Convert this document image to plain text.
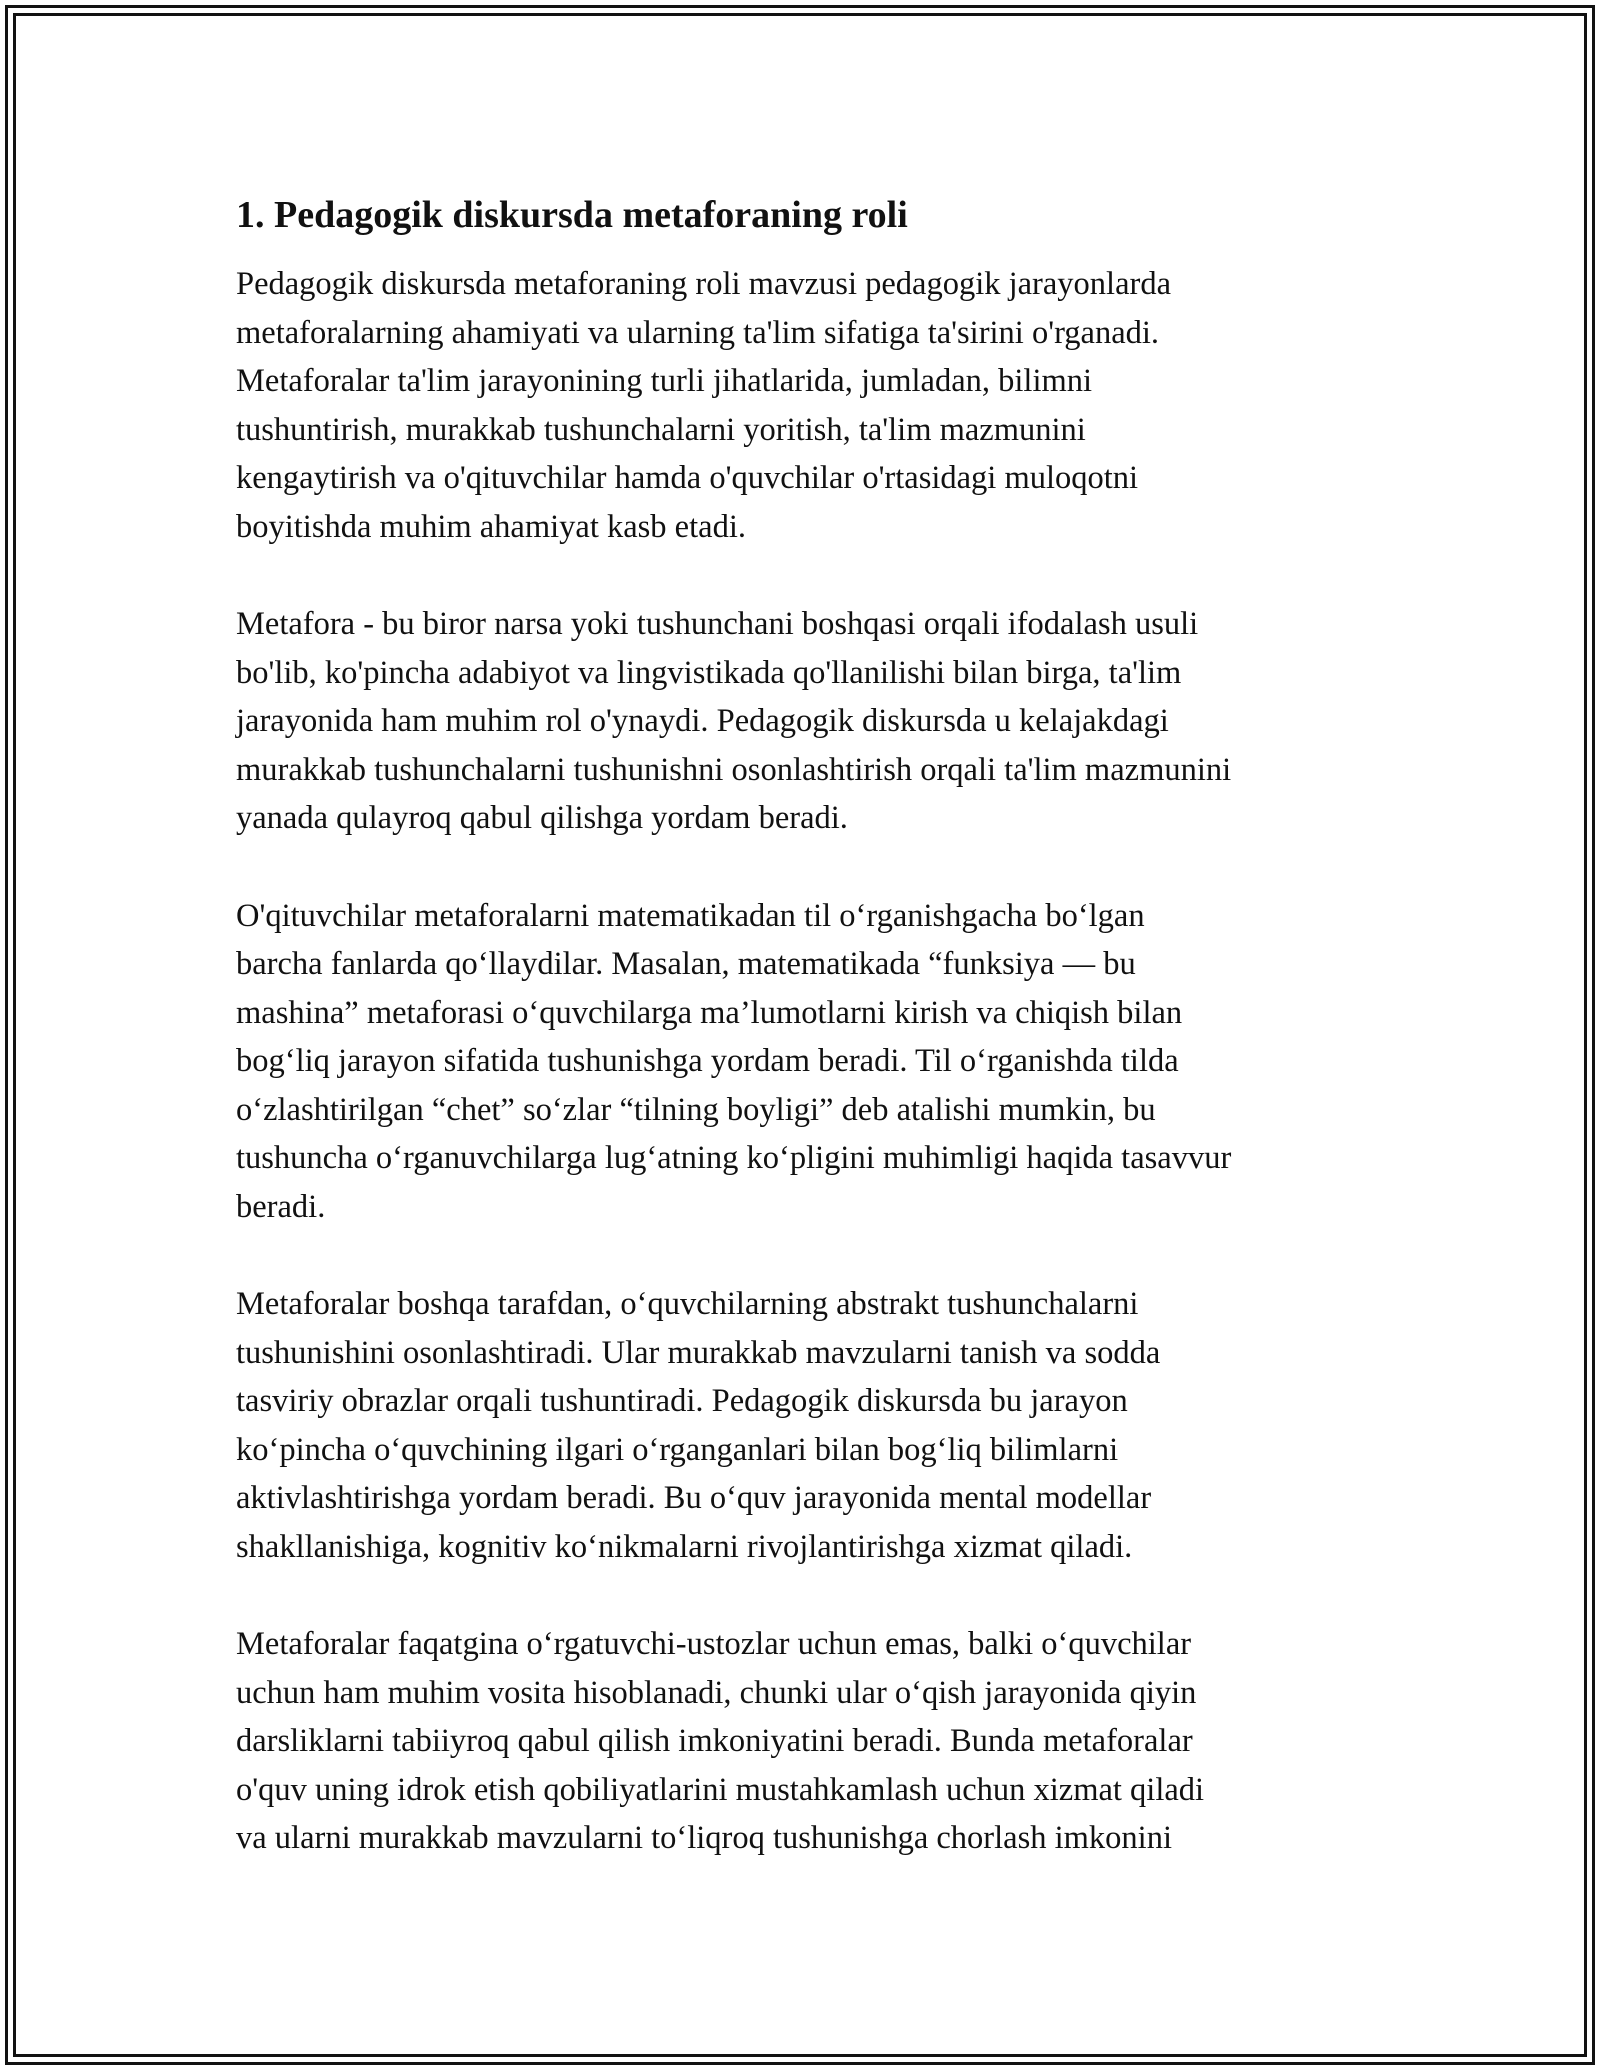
1. Pedagogik diskursda metaforaning roli

Pedagogik diskursda metaforaning roli mavzusi pedagogik jarayonlarda
metaforalarning ahamiyati va ularning ta'lim sifatiga ta'sirini o'rganadi.
Metaforalar ta'lim jarayonining turli jihatlarida, jumladan, bilimni
tushuntirish, murakkab tushunchalarni yoritish, ta'lim mazmunini
kengaytirish va o'qituvchilar hamda o'quvchilar o'rtasidagi muloqotni
boyitishda muhim ahamiyat kasb etadi.

Metafora - bu biror narsa yoki tushunchani boshqasi orqali ifodalash usuli
bo'lib, ko'pincha adabiyot va lingvistikada qo'llanilishi bilan birga, ta'lim
jarayonida ham muhim rol o'ynaydi. Pedagogik diskursda u kelajakdagi
murakkab tushunchalarni tushunishni osonlashtirish orqali ta'lim mazmunini
yanada qulayroq qabul qilishga yordam beradi.

O'qituvchilar metaforalarni matematikadan til o‘rganishgacha bo‘lgan
barcha fanlarda qo‘llaydilar. Masalan, matematikada “funksiya — bu
mashina” metaforasi o‘quvchilarga ma’lumotlarni kirish va chiqish bilan
bog‘liq jarayon sifatida tushunishga yordam beradi. Til o‘rganishda tilda
o‘zlashtirilgan “chet” so‘zlar “tilning boyligi” deb atalishi mumkin, bu
tushuncha o‘rganuvchilarga lug‘atning ko‘pligini muhimligi haqida tasavvur
beradi.

Metaforalar boshqa tarafdan, o‘quvchilarning abstrakt tushunchalarni
tushunishini osonlashtiradi. Ular murakkab mavzularni tanish va sodda
tasviriy obrazlar orqali tushuntiradi. Pedagogik diskursda bu jarayon
ko‘pincha o‘quvchining ilgari o‘rganganlari bilan bog‘liq bilimlarni
aktivlashtirishga yordam beradi. Bu o‘quv jarayonida mental modellar
shakllanishiga, kognitiv ko‘nikmalarni rivojlantirishga xizmat qiladi.

Metaforalar faqatgina o‘rgatuvchi-ustozlar uchun emas, balki o‘quvchilar
uchun ham muhim vosita hisoblanadi, chunki ular o‘qish jarayonida qiyin
darsliklarni tabiiyroq qabul qilish imkoniyatini beradi. Bunda metaforalar
o'quv uning idrok etish qobiliyatlarini mustahkamlash uchun xizmat qiladi
va ularni murakkab mavzularni to‘liqroq tushunishga chorlash imkonini
